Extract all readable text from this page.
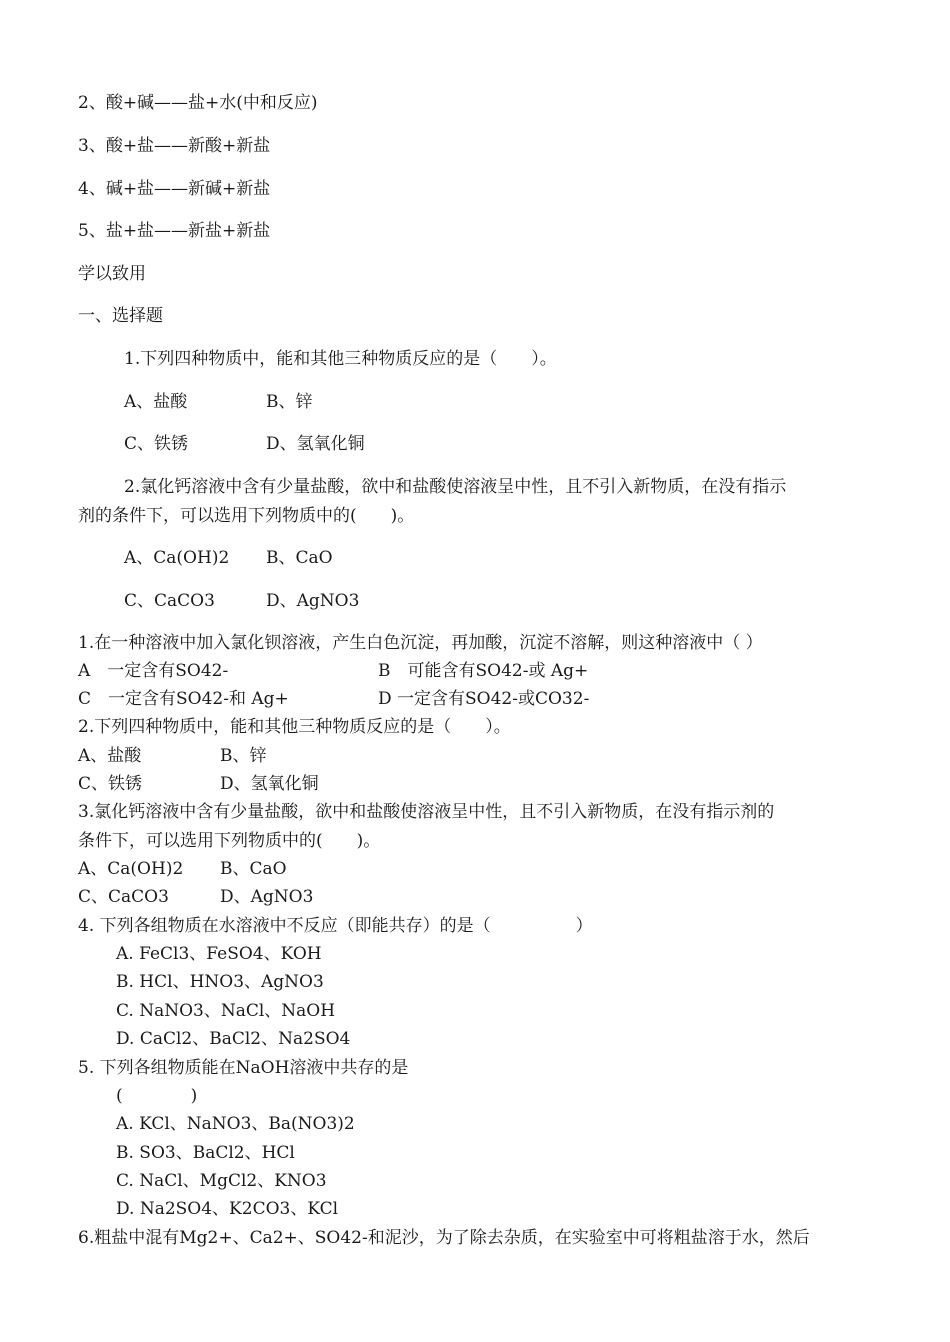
2、酸+碱——盐+水(中和反应)
3、酸+盐——新酸+新盐
4、碱+盐——新碱+新盐
5、盐+盐——新盐+新盐
学以致用
一、选择题
1.下列四种物质中，能和其他三种物质反应的是（　　）。
A、盐酸	B、锌
C、铁锈	D、氢氧化铜
2.氯化钙溶液中含有少量盐酸，欲中和盐酸使溶液呈中性，且不引入新物质，在没有指示
剂的条件下，可以选用下列物质中的(　　)。
A、Ca(OH)2 B、CaO
C、CaCO3	D、AgNO3
1.在一种溶液中加入氯化钡溶液，产生白色沉淀，再加酸，沉淀不溶解，则这种溶液中（ ）
A　一定含有SO42-	B　可能含有SO42-或 Ag+
C　一定含有SO42-和 Ag+	D 一定含有SO42-或CO32-
2.下列四种物质中，能和其他三种物质反应的是（　　）。
A、盐酸	B、锌
C、铁锈	D、氢氧化铜
3.氯化钙溶液中含有少量盐酸，欲中和盐酸使溶液呈中性，且不引入新物质，在没有指示剂的
条件下，可以选用下列物质中的(　　)。
A、Ca(OH)2 B、CaO
C、CaCO3	D、AgNO3
4. 下列各组物质在水溶液中不反应（即能共存）的是（　　　　　）
A. FeCl3、FeSO4、KOH
B. HCl、HNO3、AgNO3
C. NaNO3、NaCl、NaOH
D. CaCl2、BaCl2、Na2SO4
5. 下列各组物质能在NaOH溶液中共存的是
(　　　　)
A. KCl、NaNO3、Ba(NO3)2
B. SO3、BaCl2、HCl
C. NaCl、MgCl2、KNO3
D. Na2SO4、K2CO3、KCl
6.粗盐中混有Mg2+、Ca2+、SO42-和泥沙，为了除去杂质，在实验室中可将粗盐溶于水，然后
